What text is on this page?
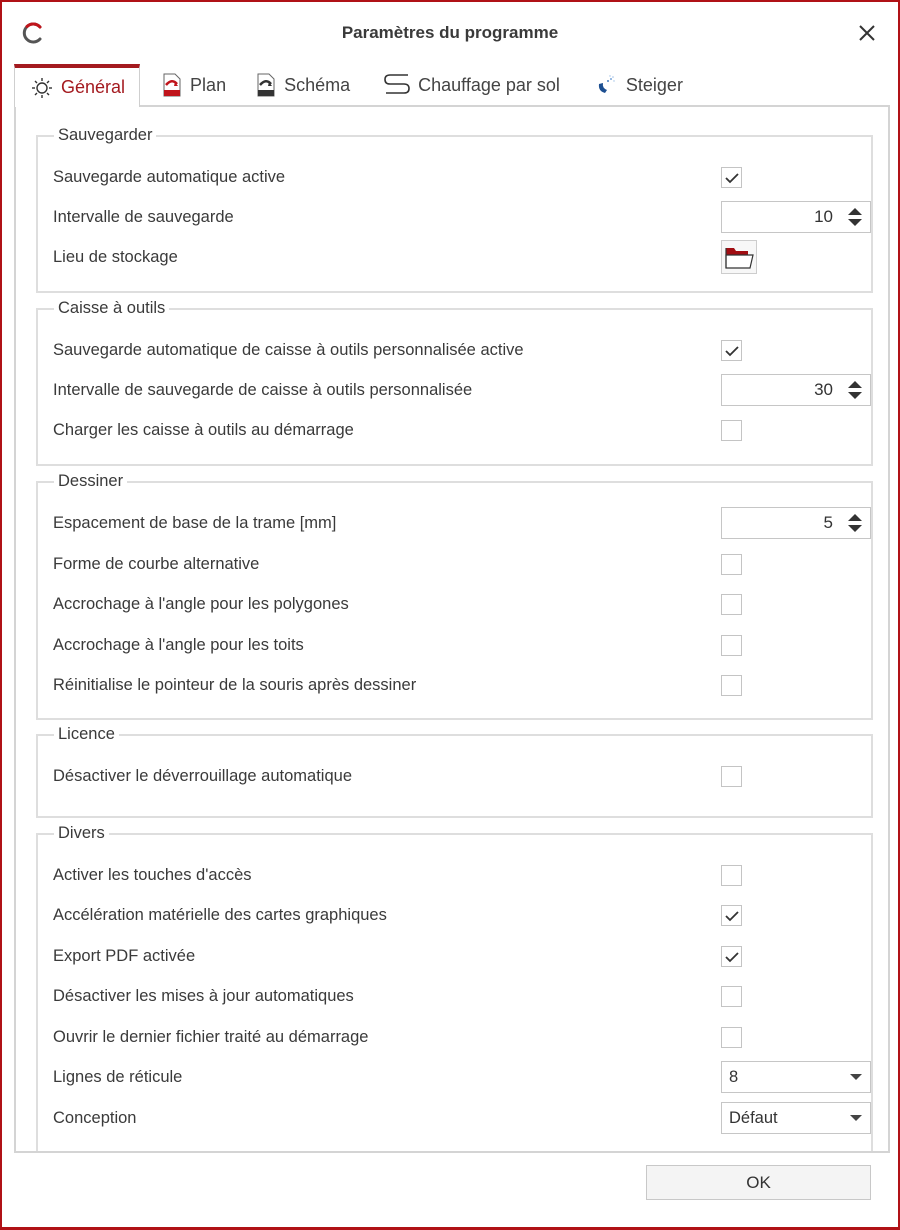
Paramètres du programme
Général	Plan	Schéma	Chauffage par sol	Steiger
Sauvegarder
Sauvegarde automatique active
Intervalle de sauvegarde	10
Lieu de stockage
Caisse à outils
Sauvegarde automatique de caisse à outils personnalisée active
Intervalle de sauvegarde de caisse à outils personnalisée	30
Charger les caisse à outils au démarrage
Dessiner
Espacement de base de la trame [mm]	5
Forme de courbe alternative
Accrochage à l'angle pour les polygones
Accrochage à l'angle pour les toits
Réinitialise le pointeur de la souris après dessiner
Licence
Désactiver le déverrouillage automatique
Divers
Activer les touches d'accès
Accélération matérielle des cartes graphiques
Export PDF activée
Désactiver les mises à jour automatiques
Ouvrir le dernier fichier traité au démarrage
Lignes de réticule	8
Conception	Défaut
OK
